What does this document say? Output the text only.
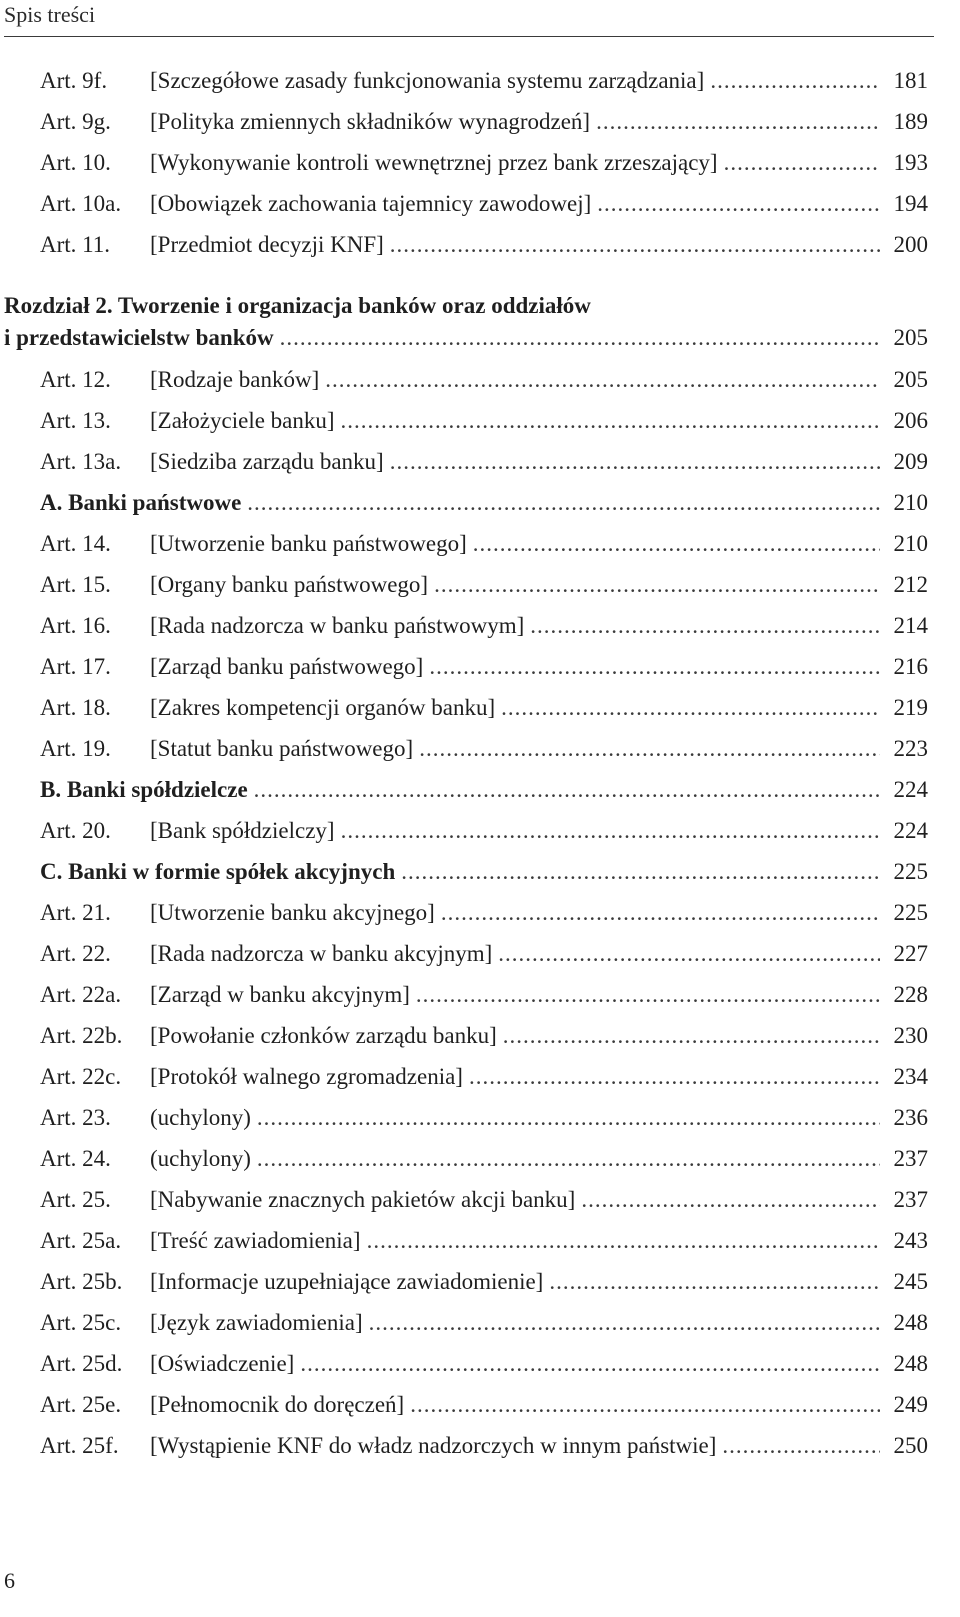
Spis treści
Art. 9f. [Szczegółowe zasady funkcjonowania systemu zarządzania] .....	181
Art. 9g. [Polityka zmiennych składników wynagrodzeń] .....	189
Art. 10. [Wykonywanie kontroli wewnętrznej przez bank zrzeszający] .....	193
Art. 10a. [Obowiązek zachowania tajemnicy zawodowej] .....	194
Art. 11. [Przedmiot decyzji KNF] .....	200
Rozdział 2. Tworzenie i organizacja banków oraz oddziałów
i przedstawicielstw banków .....	205
Art. 12. [Rodzaje banków] .....	205
Art. 13. [Założyciele banku] .....	206
Art. 13a. [Siedziba zarządu banku] .....	209
A. Banki państwowe .....	210
Art. 14. [Utworzenie banku państwowego] .....	210
Art. 15. [Organy banku państwowego] .....	212
Art. 16. [Rada nadzorcza w banku państwowym] .....	214
Art. 17. [Zarząd banku państwowego] .....	216
Art. 18. [Zakres kompetencji organów banku] .....	219
Art. 19. [Statut banku państwowego] .....	223
B. Banki spółdzielcze .....	224
Art. 20. [Bank spółdzielczy] .....	224
C. Banki w formie spółek akcyjnych .....	225
Art. 21. [Utworzenie banku akcyjnego] .....	225
Art. 22. [Rada nadzorcza w banku akcyjnym] .....	227
Art. 22a. [Zarząd w banku akcyjnym] .....	228
Art. 22b. [Powołanie członków zarządu banku] .....	230
Art. 22c. [Protokół walnego zgromadzenia] .....	234
Art. 23. (uchylony) .....	236
Art. 24. (uchylony) .....	237
Art. 25. [Nabywanie znacznych pakietów akcji banku] .....	237
Art. 25a. [Treść zawiadomienia] .....	243
Art. 25b. [Informacje uzupełniające zawiadomienie] .....	245
Art. 25c. [Język zawiadomienia] .....	248
Art. 25d. [Oświadczenie] .....	248
Art. 25e. [Pełnomocnik do doręczeń] .....	249
Art. 25f. [Wystąpienie KNF do władz nadzorczych w innym państwie] .....	250
6
